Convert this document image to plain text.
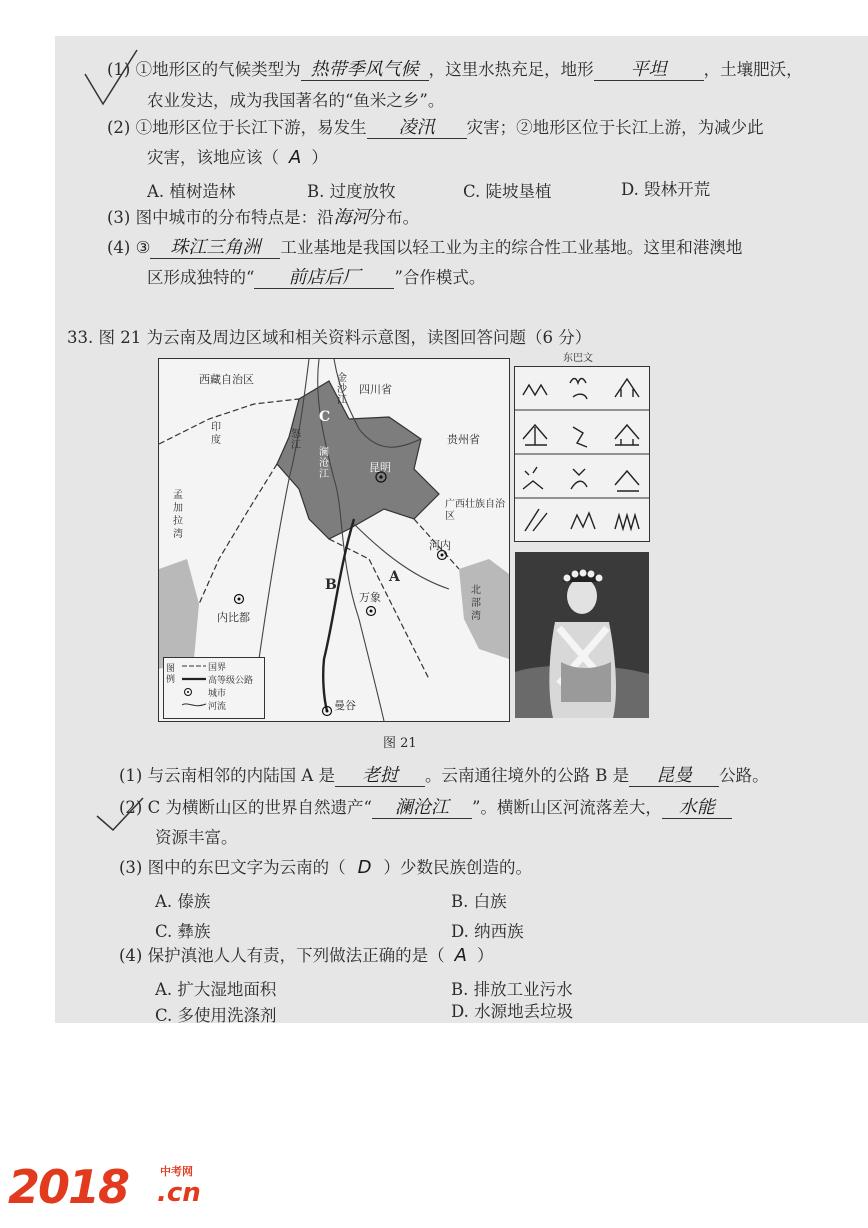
(1) ①地形区的气候类型为 热带季风气候 ，这里水热充足，地形 平坦 ，土壤肥沃，
农业发达，成为我国著名的“鱼米之乡”。
(2) ①地形区位于长江下游，易发生 凌汛 灾害；②地形区位于长江上游，为减少此
灾害，该地应该（ A ）
A. 植树造林	B. 过度放牧	C. 陡坡垦植	D. 毁林开荒
(3) 图中城市的分布特点是：沿海河分布。
(4) ③ 珠江三角洲 工业基地是我国以轻工业为主的综合性工业基地。这里和港澳地
区形成独特的“ 前店后厂 ”合作模式。
33. 图 21 为云南及周边区域和相关资料示意图，读图回答问题（6 分）
西藏自治区
四川省
贵州省
广西壮族自治区
昆明
内比都
万象
河内
曼谷
金沙江
澜沧江
怒江
孟加拉湾
印度
北部湾
A
B
C
图例
国界
高等级公路
城市
河流
东巴文
图 21
(1) 与云南相邻的内陆国 A 是 老挝 。云南通往境外的公路 B 是 昆曼 公路。
(2) C 为横断山区的世界自然遗产“ 澜沧江 ”。横断山区河流落差大， 水能
资源丰富。
(3) 图中的东巴文字为云南的（ D ）少数民族创造的。
A. 傣族	B. 白族
C. 彝族	D. 纳西族
(4) 保护滇池人人有责，下列做法正确的是（ A ）
A. 扩大湿地面积	B. 排放工业污水
C. 多使用洗涤剂	D. 水源地丢垃圾
2018	中考网
.cn
